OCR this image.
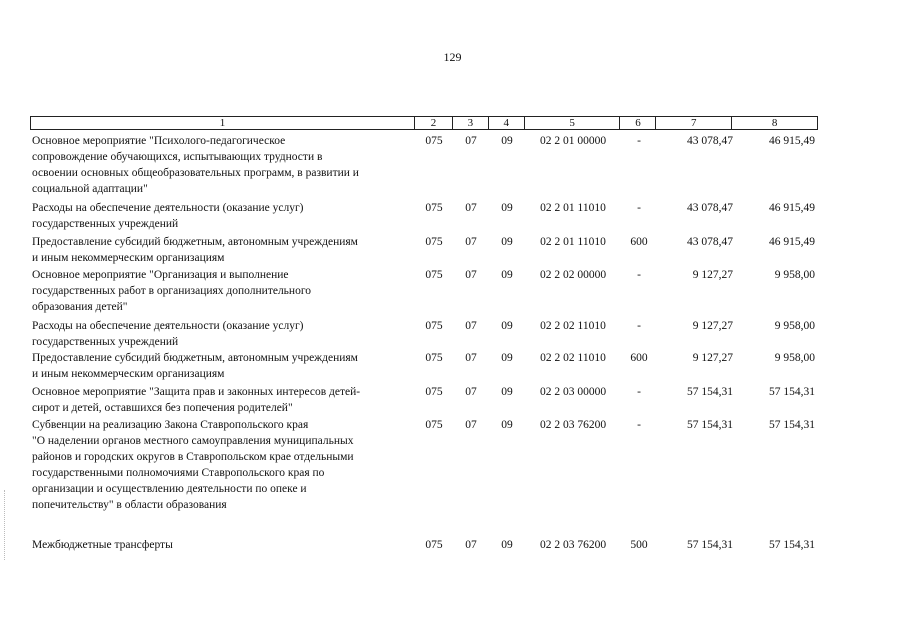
129
1	2	3	4	5	6	7	8
Основное мероприятие "Психолого-педагогическое
сопровождение обучающихся, испытывающих трудности в
освоении основных общеобразовательных программ, в развитии и
социальной адаптации"
075	07	09	02 2 01 00000	-	43 078,47	46 915,49
Расходы на обеспечение деятельности (оказание услуг)
государственных учреждений
075	07	09	02 2 01 11010	-	43 078,47	46 915,49
Предоставление субсидий бюджетным, автономным учреждениям
и иным некоммерческим организациям
075	07	09	02 2 01 11010	600	43 078,47	46 915,49
Основное мероприятие "Организация и выполнение
государственных работ в организациях дополнительного
образования детей"
075	07	09	02 2 02 00000	-	9 127,27	9 958,00
Расходы на обеспечение деятельности (оказание услуг)
государственных учреждений
075	07	09	02 2 02 11010	-	9 127,27	9 958,00
Предоставление субсидий бюджетным, автономным учреждениям
и иным некоммерческим организациям
075	07	09	02 2 02 11010	600	9 127,27	9 958,00
Основное мероприятие "Защита прав и законных интересов детей-
сирот и детей, оставшихся без попечения родителей"
075	07	09	02 2 03 00000	-	57 154,31	57 154,31
Субвенции на реализацию Закона Ставропольского края
"О наделении органов местного самоуправления муниципальных
районов и городских округов в Ставропольском крае отдельными
государственными полномочиями Ставропольского края по
организации и осуществлению деятельности по опеке и
попечительству" в области образования
075	07	09	02 2 03 76200	-	57 154,31	57 154,31
Межбюджетные трансферты	075	07	09	02 2 03 76200	500	57 154,31	57 154,31
